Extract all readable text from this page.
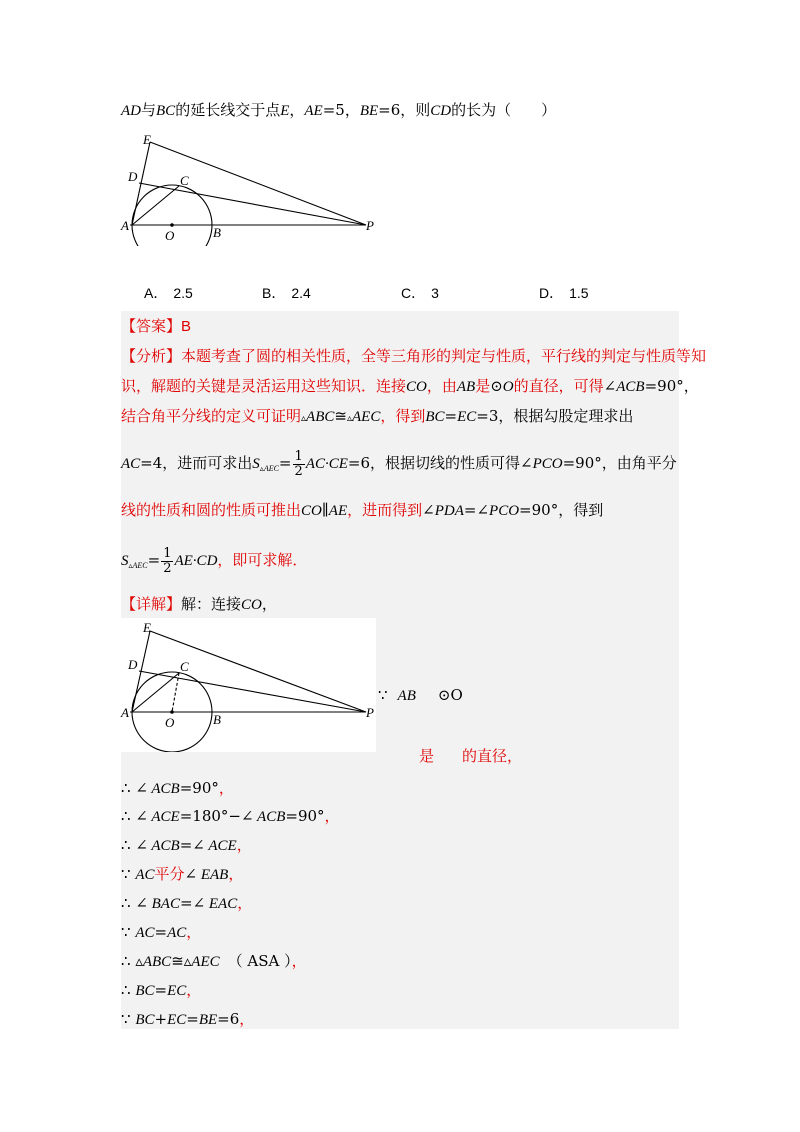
AD与BC的延长线交于点E，AE=5，BE=6，则CD的长为（　　）
E
D	C
A
O	B	P
A． 2.5	B． 2.4	C． 3	D． 1.5
【答案】B
【分析】本题考查了圆的相关性质，全等三角形的判定与性质，平行线的判定与性质等知
识，解题的关键是灵活运用这些知识．连接CO，由AB是⊙O的直径，可得∠ACB=90°，
结合角平分线的定义可证明▵ABC≅▵AEC，得到BC=EC=3，根据勾股定理求出
AC=4，进而可求出$S_{▵AEC}= \frac{1}{2} AC\cdot CE=6$，根据切线的性质可得∠PCO=90°，由角平分
线的性质和圆的性质可推出CO∥AE，进而得到∠PDA=∠PCO=90°，得到
$S_{▵AEC}= \frac{1}{2} AE\cdot CD$，即可求解．
【详解】解：连接CO，
E
D	C
A
O	B	P
∵ AB ⊙O
是 的直径，
∴ ∠ ACB=90°，
∴ ∠ ACE=180°−∠ ACB=90°，
∴ ∠ ACB=∠ ACE，
∵ AC平分∠ EAB，
∴ ∠ BAC=∠ EAC，
∵ AC=AC，
∴ ▵ABC≅▵AEC （ ASA ），
∴ BC=EC，
∵ BC+EC=BE=6，
